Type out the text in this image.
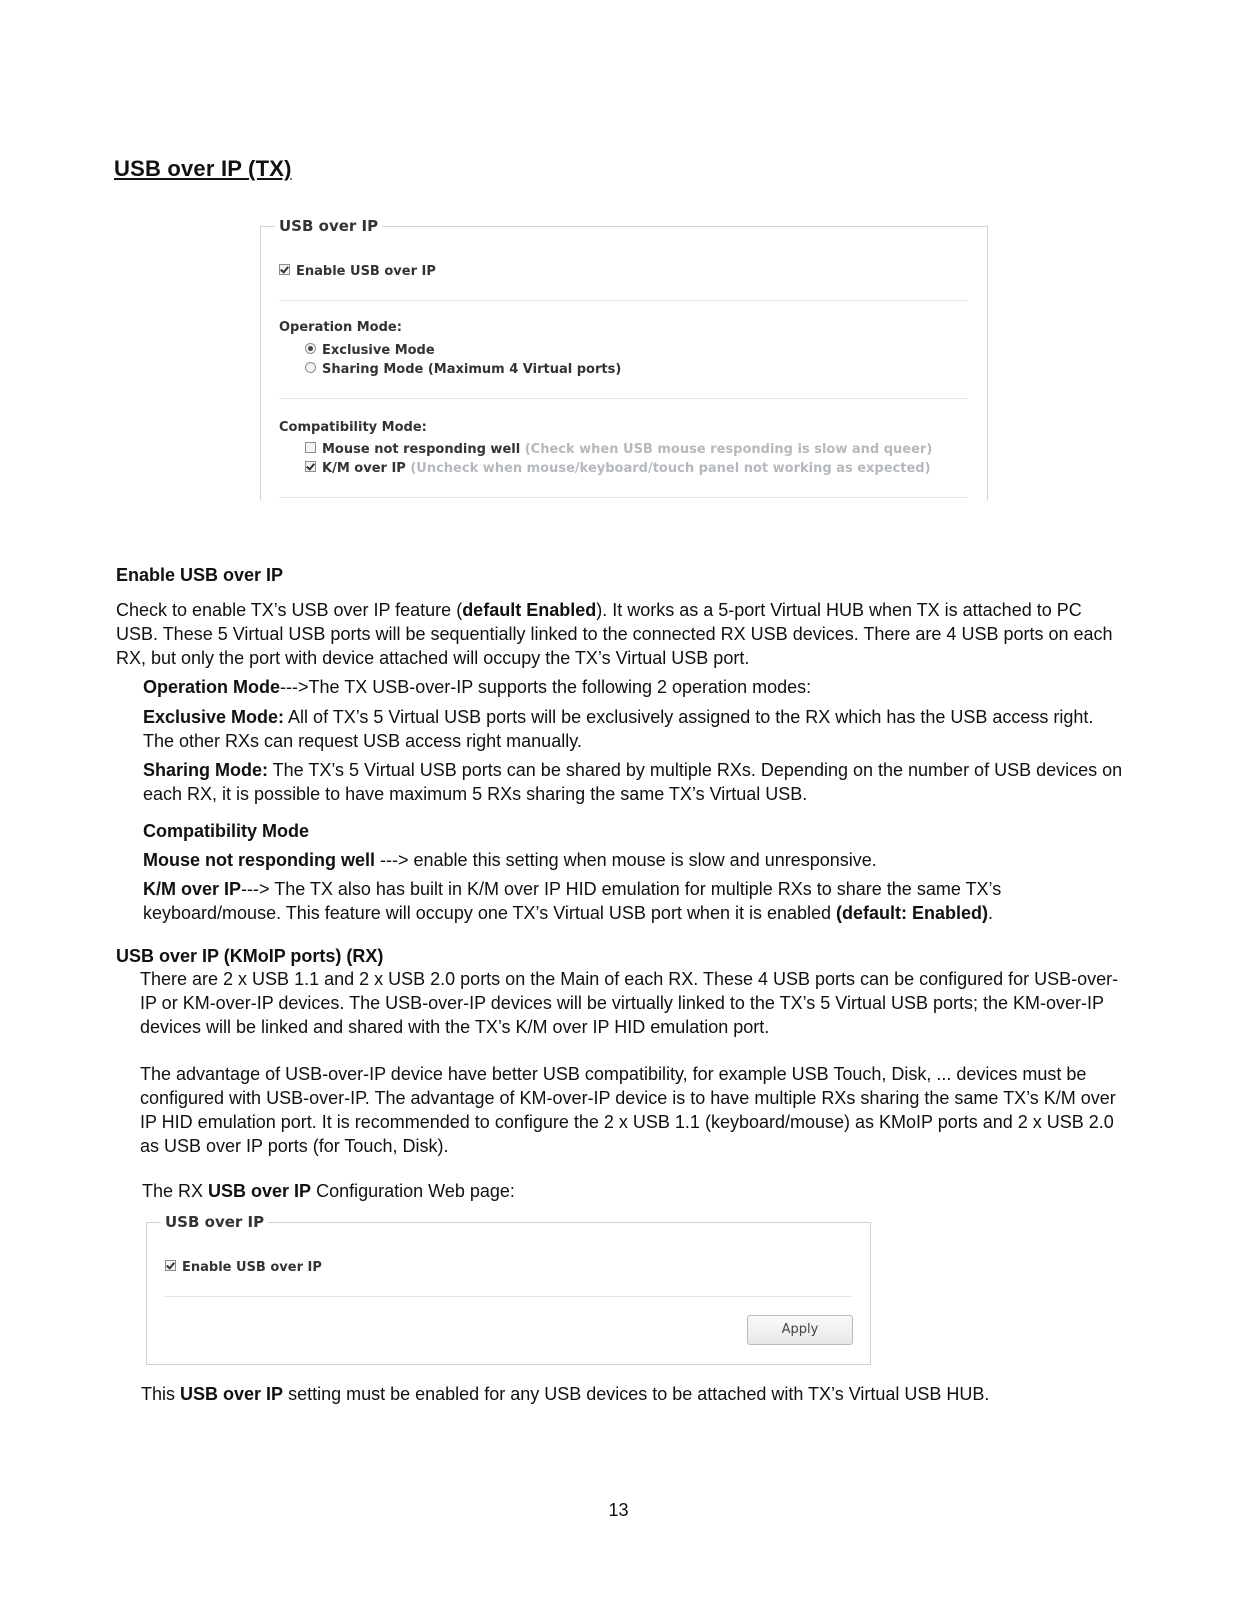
USB over IP (TX)
USB over IP
Enable USB over IP
Operation Mode:
Exclusive Mode
Sharing Mode (Maximum 4 Virtual ports)
Compatibility Mode:
Mouse not responding well (Check when USB mouse responding is slow and queer)
K/M over IP (Uncheck when mouse/keyboard/touch panel not working as expected)
Enable USB over IP
Check to enable TX’s USB over IP feature (default Enabled). It works as a 5-port Virtual HUB when TX is attached to PC USB. These 5 Virtual USB ports will be sequentially linked to the connected RX USB devices. There are 4 USB ports on each RX, but only the port with device attached will occupy the TX’s Virtual USB port.
Operation Mode--->The TX USB-over-IP supports the following 2 operation modes:
Exclusive Mode: All of TX’s 5 Virtual USB ports will be exclusively assigned to the RX which has the USB access right. The other RXs can request USB access right manually.
Sharing Mode: The TX’s 5 Virtual USB ports can be shared by multiple RXs. Depending on the number of USB devices on each RX, it is possible to have maximum 5 RXs sharing the same TX’s Virtual USB.
Compatibility Mode
Mouse not responding well ---> enable this setting when mouse is slow and unresponsive.
K/M over IP---> The TX also has built in K/M over IP HID emulation for multiple RXs to share the same TX’s keyboard/mouse. This feature will occupy one TX’s Virtual USB port when it is enabled (default: Enabled).
USB over IP (KMoIP ports) (RX)
There are 2 x USB 1.1 and 2 x USB 2.0 ports on the Main of each RX. These 4 USB ports can be configured for USB-over-IP or KM-over-IP devices. The USB-over-IP devices will be virtually linked to the TX’s 5 Virtual USB ports; the KM-over-IP devices will be linked and shared with the TX’s K/M over IP HID emulation port.
The advantage of USB-over-IP device have better USB compatibility, for example USB Touch, Disk, ... devices must be configured with USB-over-IP. The advantage of KM-over-IP device is to have multiple RXs sharing the same TX’s K/M over IP HID emulation port. It is recommended to configure the 2 x USB 1.1 (keyboard/mouse) as KMoIP ports and 2 x USB 2.0 as USB over IP ports (for Touch, Disk).
The RX USB over IP Configuration Web page:
USB over IP
Enable USB over IP
Apply
This USB over IP setting must be enabled for any USB devices to be attached with TX’s Virtual USB HUB.
13
